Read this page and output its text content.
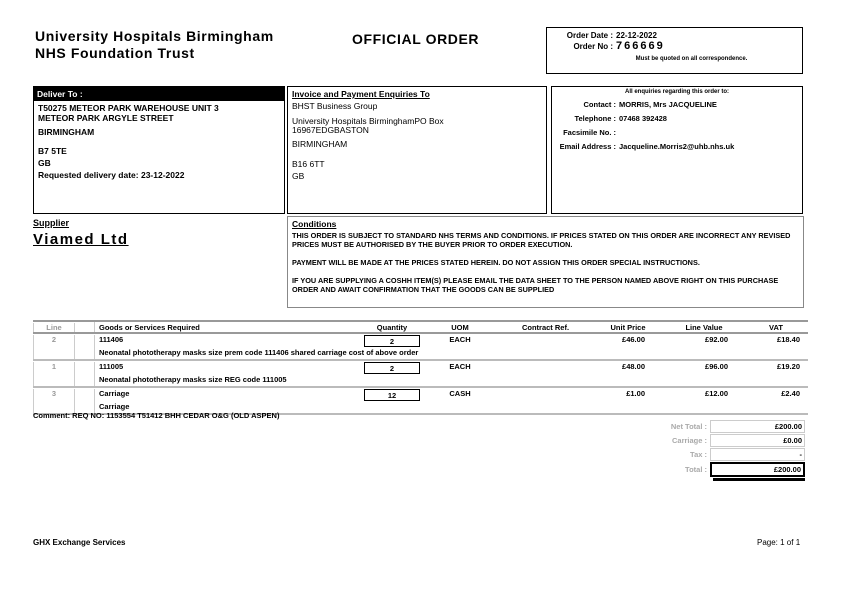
University Hospitals Birmingham
NHS Foundation Trust
OFFICIAL ORDER	Order Date : 22-12-2022
Order No : 766669
Must be quoted on all correspondence.
Deliver To :
T50275 METEOR PARK WAREHOUSE UNIT 3
METEOR PARK ARGYLE STREET
BIRMINGHAM
B7 5TE
GB
Requested delivery date: 23-12-2022
Invoice and Payment Enquiries To
BHST Business Group
University Hospitals BirminghamPO Box
16967EDGBASTON
BIRMINGHAM
B16 6TT
GB
All enquiries regarding this order to:
Contact : MORRIS, Mrs JACQUELINE
Telephone : 07468 392428
Facsimile No. :
Email Address : Jacqueline.Morris2@uhb.nhs.uk
Supplier
Viamed Ltd
Conditions
THIS ORDER IS SUBJECT TO STANDARD NHS TERMS AND CONDITIONS. IF PRICES STATED ON THIS ORDER ARE INCORRECT ANY REVISED PRICES MUST BE AUTHORISED BY THE BUYER PRIOR TO ORDER EXECUTION.
PAYMENT WILL BE MADE AT THE PRICES STATED HEREIN. DO NOT ASSIGN THIS ORDER SPECIAL INSTRUCTIONS.
IF YOU ARE SUPPLYING A COSHH ITEM(S) PLEASE EMAIL THE DATA SHEET TO THE PERSON NAMED ABOVE RIGHT ON THIS PURCHASE ORDER AND AWAIT CONFIRMATION THAT THE GOODS CAN BE SUPPLIED
Line	Goods or Services Required	Quantity	UOM	Contract Ref.	Unit Price	Line Value	VAT
2	111406	2	EACH	£46.00	£92.00	£18.40
Neonatal phototherapy masks size prem code 111406 shared carriage cost of above order
1	111005	2	EACH	£48.00	£96.00	£19.20
Neonatal phototherapy masks size REG code 111005
3	Carriage	12	CASH	£1.00	£12.00	£2.40
Carriage
Comment: REQ NO: 1153554 T51412 BHH CEDAR O&G (OLD ASPEN)
Net Total :	£200.00
Carriage :	£0.00
Tax :	-
Total :	£200.00
GHX Exchange Services	Page: 1 of 1
